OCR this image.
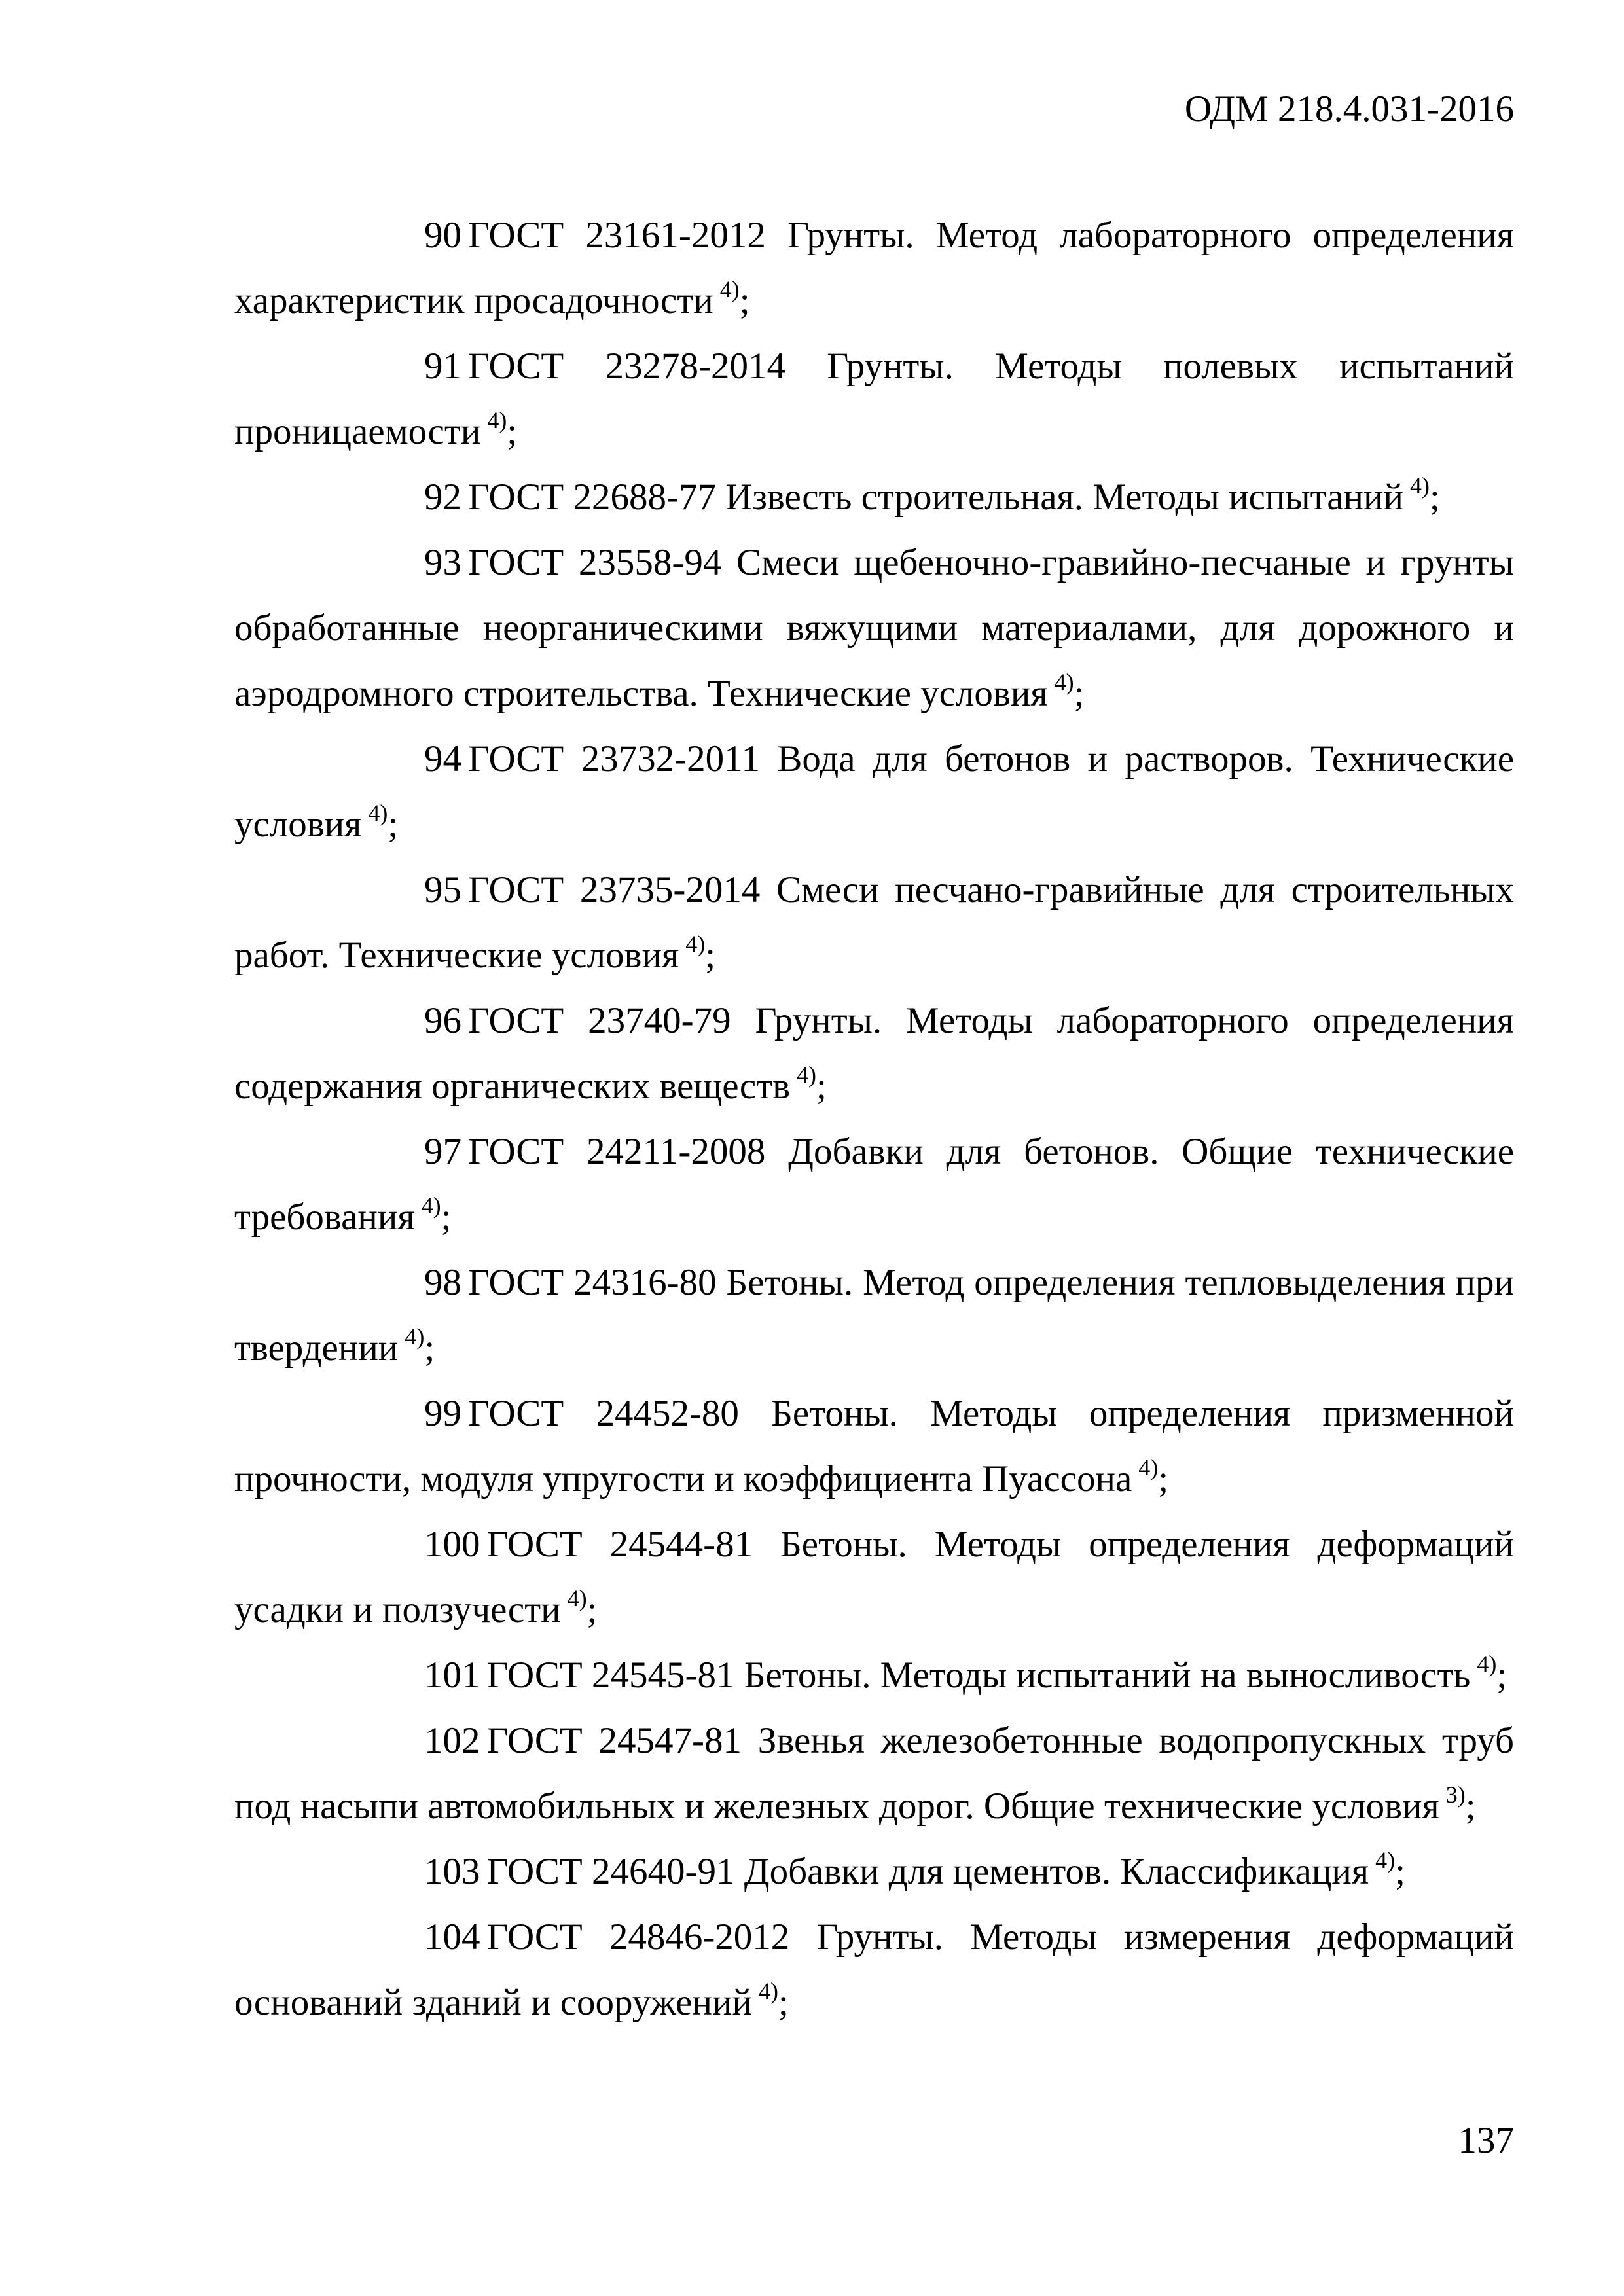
ОДМ 218.4.031-2016

90 ГОСТ 23161-2012 Грунты. Метод лабораторного определения характеристик просадочности $^{4)}$;

91 ГОСТ 23278-2014 Грунты. Методы полевых испытаний проницаемости $^{4)}$;

92 ГОСТ 22688-77 Известь строительная. Методы испытаний $^{4)}$;

93 ГОСТ 23558-94 Смеси щебеночно-гравийно-песчаные и грунты обработанные неорганическими вяжущими материалами, для дорожного и аэродромного строительства. Технические условия $^{4)}$;

94 ГОСТ 23732-2011 Вода для бетонов и растворов. Технические условия $^{4)}$;

95 ГОСТ 23735-2014 Смеси песчано-гравийные для строительных работ. Технические условия $^{4)}$;

96 ГОСТ 23740-79 Грунты. Методы лабораторного определения содержания органических веществ $^{4)}$;

97 ГОСТ 24211-2008 Добавки для бетонов. Общие технические требования $^{4)}$;

98 ГОСТ 24316-80 Бетоны. Метод определения тепловыделения при твердении $^{4)}$;

99 ГОСТ 24452-80 Бетоны. Методы определения призменной прочности, модуля упругости и коэффициента Пуассона $^{4)}$;

100 ГОСТ 24544-81 Бетоны. Методы определения деформаций усадки и ползучести $^{4)}$;

101 ГОСТ 24545-81 Бетоны. Методы испытаний на выносливость $^{4)}$;

102 ГОСТ 24547-81 Звенья железобетонные водопропускных труб под насыпи автомобильных и железных дорог. Общие технические условия $^{3)}$;

103 ГОСТ 24640-91 Добавки для цементов. Классификация $^{4)}$;

104 ГОСТ 24846-2012 Грунты. Методы измерения деформаций оснований зданий и сооружений $^{4)}$;

137
